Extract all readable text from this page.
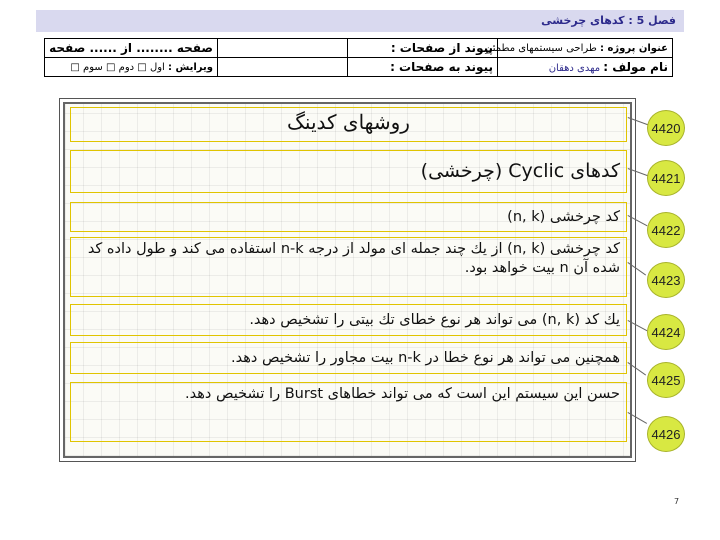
فصل 5 : کدهای چرخشی
عنوان پروژه : طراحی سیستمهای مطمئن	پیوند از صفحات :		صفحه ........ از ...... صفحه
نام مولف : مهدی دهقان	پیوند به صفحات :		ویرایش : اول □ دوم □ سوم □
روشهای کدینگ
کدهای Cyclic (چرخشی)
کد چرخشی (n, k)
کد چرخشی (n, k) از يك چند جمله ای مولد از درجه n-k استفاده می کند و طول داده کد شده آن n بیت خواهد بود.
يك کد (n, k) می تواند هر نوع خطای تك بیتی را تشخیص دهد.
همچنین می تواند هر نوع خطا در n-k بیت مجاور را تشخیص دهد.
حسن این سیستم این است که می تواند خطاهای Burst را تشخیص دهد.
4420
4421
4422
4423
4424
4425
4426
7
